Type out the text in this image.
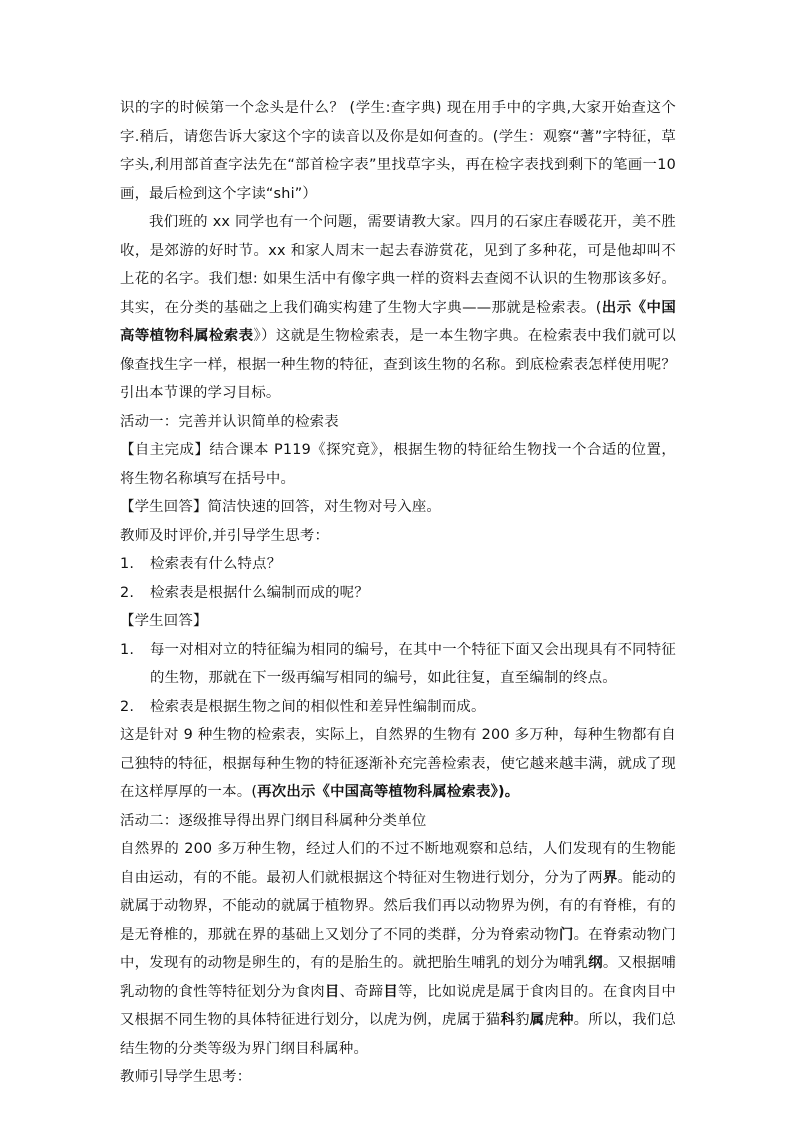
识的字的时候第一个念头是什么？ (学生:查字典) 现在用手中的字典,大家开始查这个字.稍后，请您告诉大家这个字的读音以及你是如何查的。(学生：观察“蓍”字特征，草字头,利用部首查字法先在“部首检字表”里找草字头，再在检字表找到剩下的笔画一10画，最后检到这个字读“shi”）

我们班的 xx 同学也有一个问题，需要请教大家。四月的石家庄春暖花开，美不胜收，是郊游的好时节。xx 和家人周末一起去春游赏花，见到了多种花，可是他却叫不上花的名字。我们想: 如果生活中有像字典一样的资料去查阅不认识的生物那该多好。其实，在分类的基础之上我们确实构建了生物大字典——那就是检索表。(出示《中国高等植物科属检索表》）这就是生物检索表，是一本生物字典。在检索表中我们就可以像查找生字一样，根据一种生物的特征，查到该生物的名称。到底检索表怎样使用呢？引出本节课的学习目标。

活动一：完善并认识简单的检索表

【自主完成】结合课本 P119《探究竟》，根据生物的特征给生物找一个合适的位置，将生物名称填写在括号中。

【学生回答】简洁快速的回答，对生物对号入座。

教师及时评价,并引导学生思考：

1. 检索表有什么特点？

2. 检索表是根据什么编制而成的呢？

【学生回答】

1. 每一对相对立的特征编为相同的编号，在其中一个特征下面又会出现具有不同特征的生物，那就在下一级再编写相同的编号，如此往复，直至编制的终点。

2. 检索表是根据生物之间的相似性和差异性编制而成。

这是针对 9 种生物的检索表，实际上，自然界的生物有 200 多万种，每种生物都有自己独特的特征，根据每种生物的特征逐渐补充完善检索表，使它越来越丰满，就成了现在这样厚厚的一本。(再次出示《中国高等植物科属检索表》)。

活动二：逐级推导得出界门纲目科属种分类单位

自然界的 200 多万种生物，经过人们的不过不断地观察和总结，人们发现有的生物能自由运动，有的不能。最初人们就根据这个特征对生物进行划分，分为了两界。能动的就属于动物界，不能动的就属于植物界。然后我们再以动物界为例，有的有脊椎，有的是无脊椎的，那就在界的基础上又划分了不同的类群，分为脊索动物门。在脊索动物门中，发现有的动物是卵生的，有的是胎生的。就把胎生哺乳的划分为哺乳纲。又根据哺乳动物的食性等特征划分为食肉目、奇蹄目等，比如说虎是属于食肉目的。在食肉目中又根据不同生物的具体特征进行划分，以虎为例，虎属于猫科豹属虎种。所以，我们总结生物的分类等级为界门纲目科属种。

教师引导学生思考：
